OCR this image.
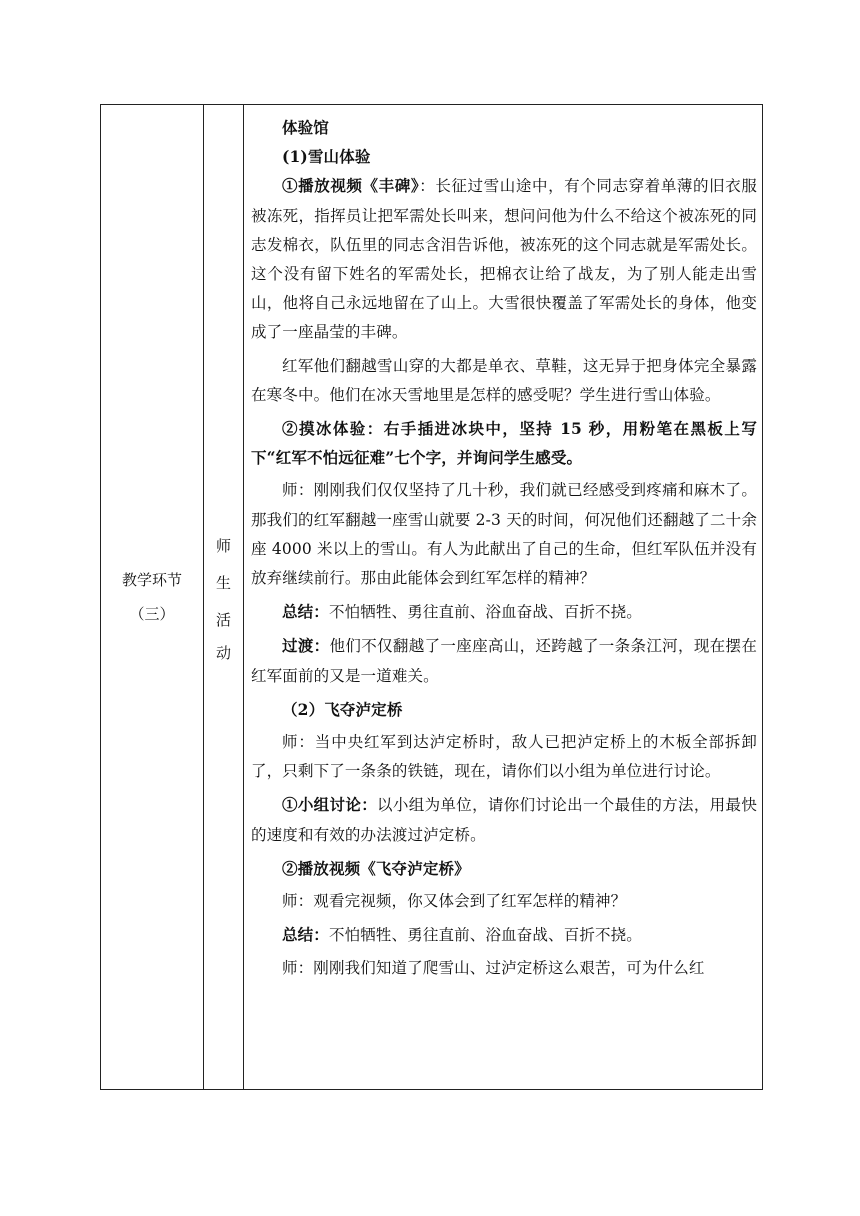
教学环节
（三）
师
生
活
动

体验馆

(1)雪山体验

①播放视频《丰碑》：长征过雪山途中，有个同志穿着单薄的旧衣服被冻死，指挥员让把军需处长叫来，想问问他为什么不给这个被冻死的同志发棉衣，队伍里的同志含泪告诉他，被冻死的这个同志就是军需处长。这个没有留下姓名的军需处长，把棉衣让给了战友，为了别人能走出雪山，他将自己永远地留在了山上。大雪很快覆盖了军需处长的身体，他变成了一座晶莹的丰碑。

红军他们翻越雪山穿的大都是单衣、草鞋，这无异于把身体完全暴露在寒冬中。他们在冰天雪地里是怎样的感受呢？学生进行雪山体验。

②摸冰体验：右手插进冰块中，坚持 15 秒，用粉笔在黑板上写下“红军不怕远征难”七个字，并询问学生感受。

师：刚刚我们仅仅坚持了几十秒，我们就已经感受到疼痛和麻木了。那我们的红军翻越一座雪山就要 2-3 天的时间，何况他们还翻越了二十余座 4000 米以上的雪山。有人为此献出了自己的生命，但红军队伍并没有放弃继续前行。那由此能体会到红军怎样的精神？

总结：不怕牺牲、勇往直前、浴血奋战、百折不挠。

过渡：他们不仅翻越了一座座高山，还跨越了一条条江河，现在摆在红军面前的又是一道难关。

（2）飞夺泸定桥

师：当中央红军到达泸定桥时，敌人已把泸定桥上的木板全部拆卸了，只剩下了一条条的铁链，现在，请你们以小组为单位进行讨论。

①小组讨论：以小组为单位，请你们讨论出一个最佳的方法，用最快的速度和有效的办法渡过泸定桥。

②播放视频《飞夺泸定桥》

师：观看完视频，你又体会到了红军怎样的精神？

总结：不怕牺牲、勇往直前、浴血奋战、百折不挠。

师：刚刚我们知道了爬雪山、过泸定桥这么艰苦，可为什么红
